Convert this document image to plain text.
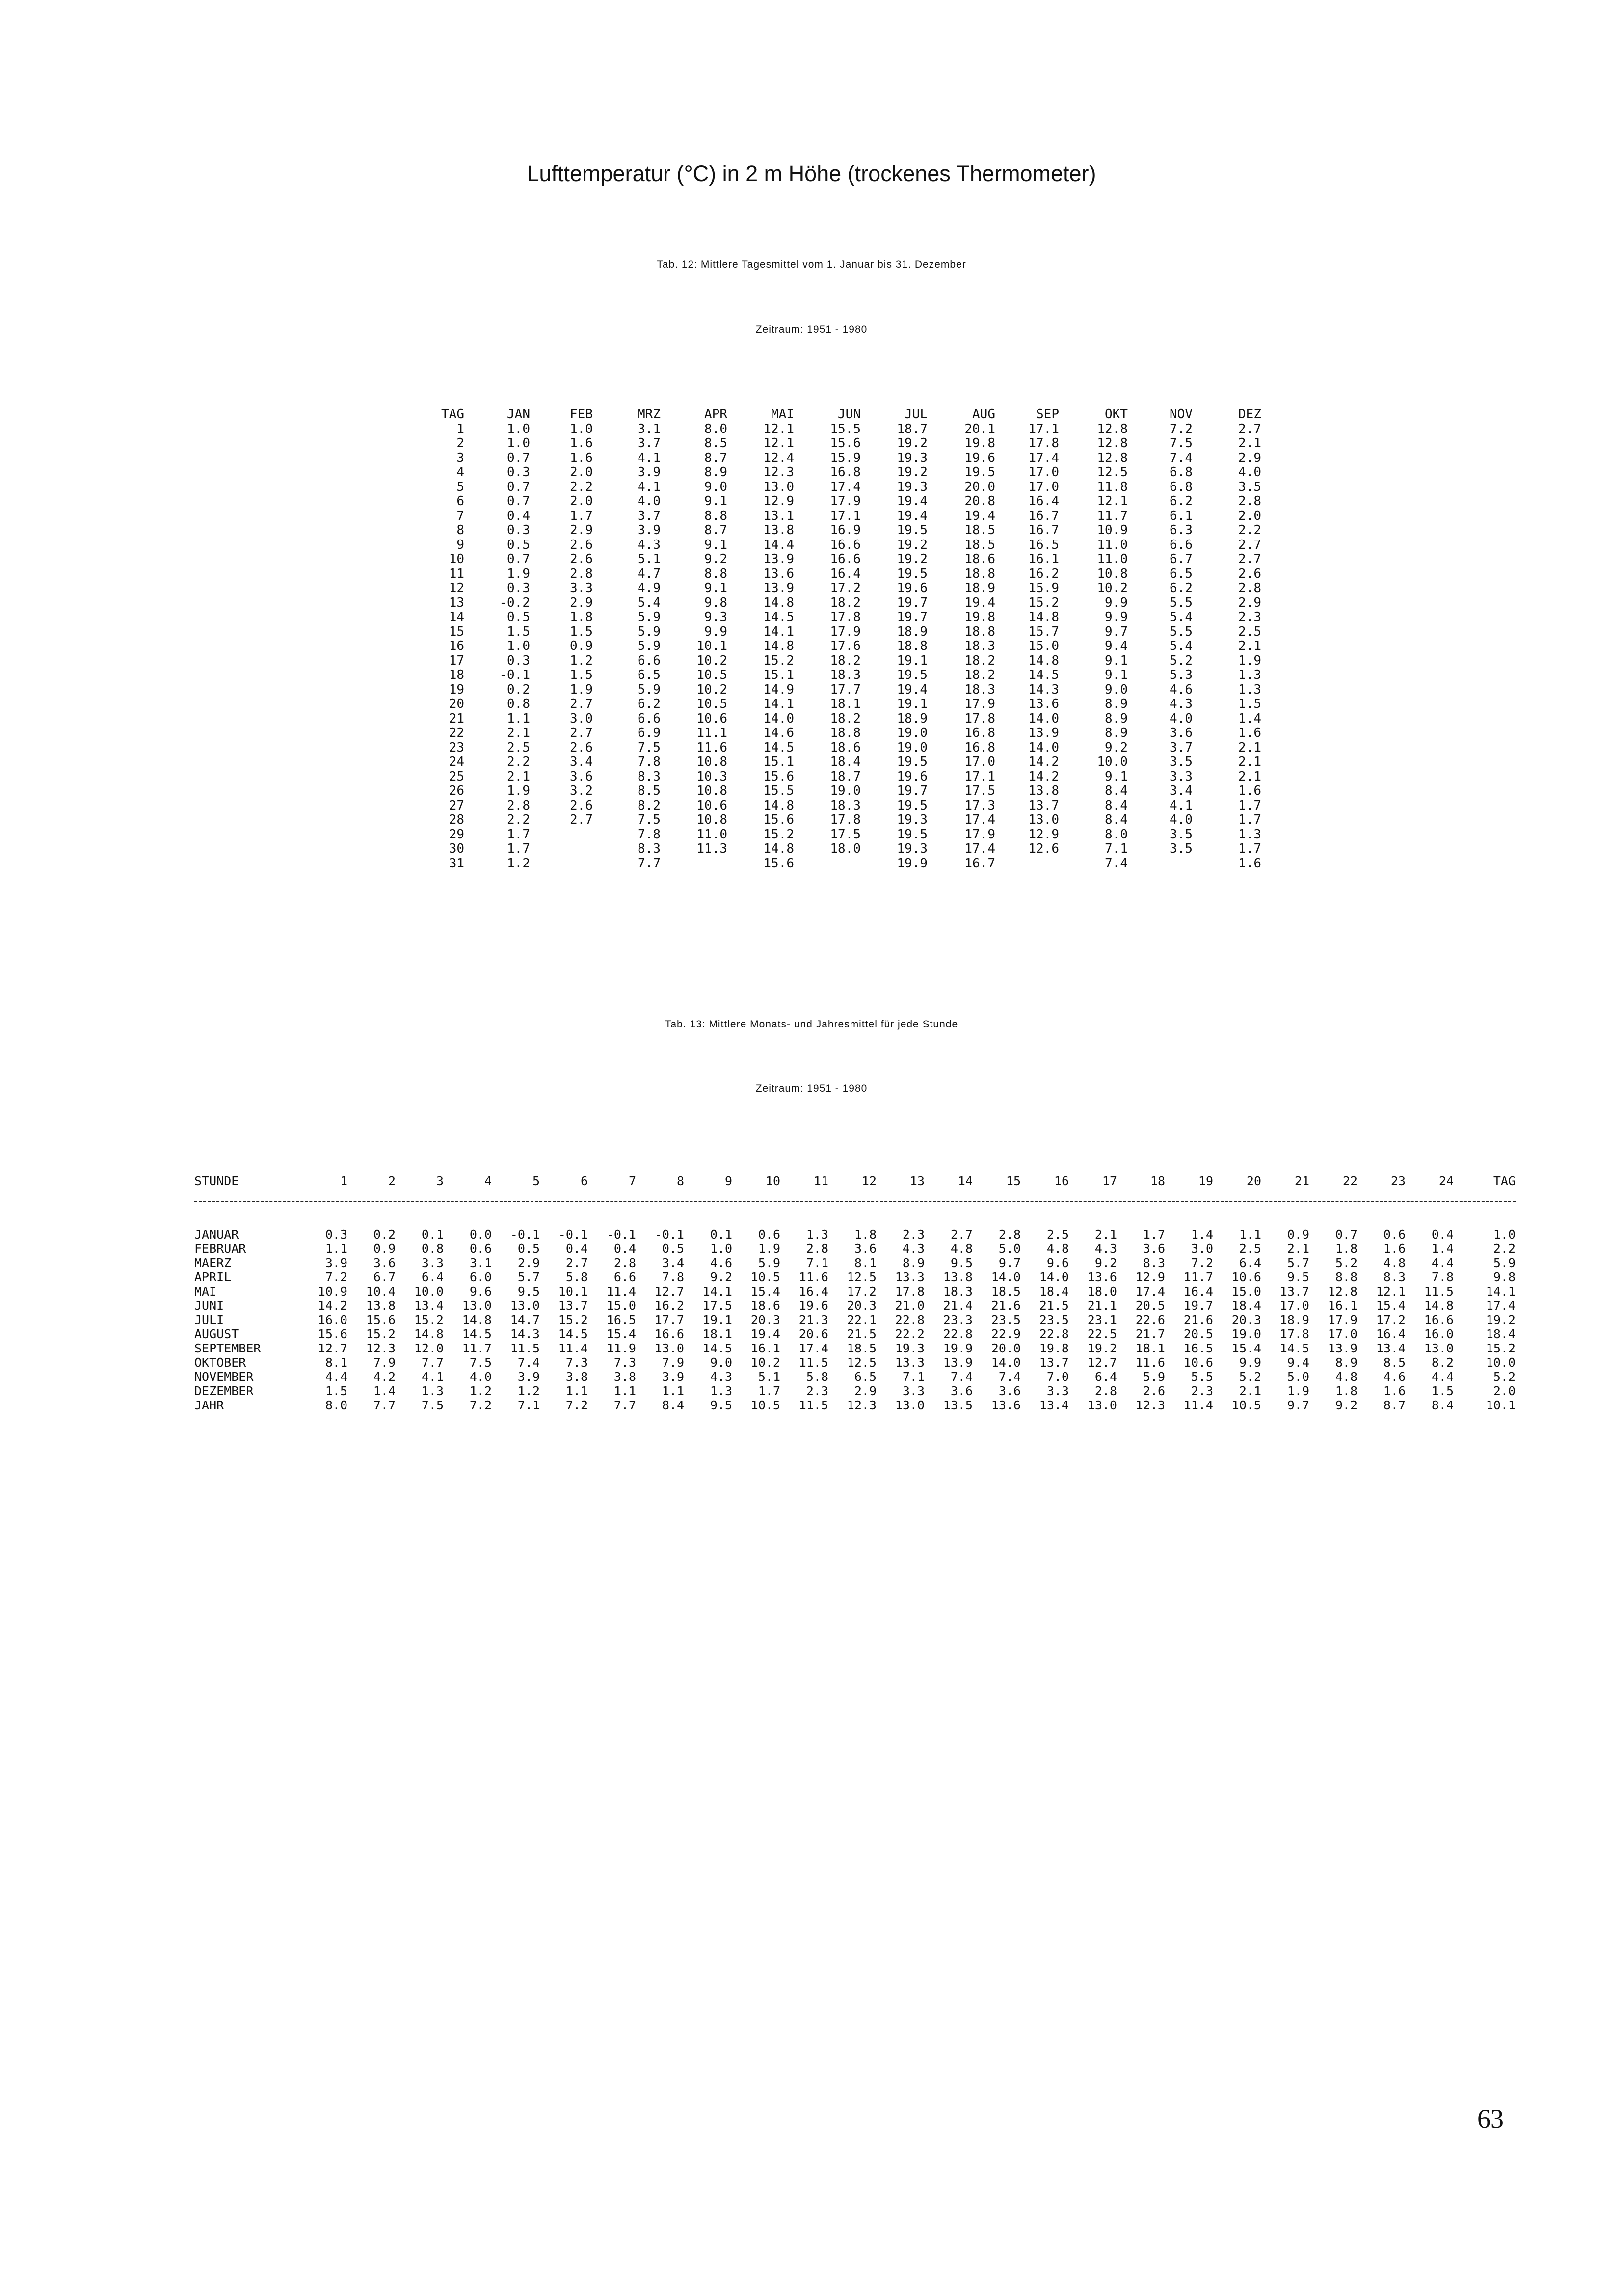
Lufttemperatur (°C) in 2 m Höhe (trockenes Thermometer)

Tab. 12: Mittlere Tagesmittel vom 1. Januar bis 31. Dezember

Zeitraum: 1951 - 1980

TAG	JAN	FEB	MRZ	APR	MAI	JUN	JUL	AUG	SEP	OKT	NOV	DEZ
1	1.0	1.0	3.1	8.0	12.1	15.5	18.7	20.1	17.1	12.8	7.2	2.7
2	1.0	1.6	3.7	8.5	12.1	15.6	19.2	19.8	17.8	12.8	7.5	2.1
3	0.7	1.6	4.1	8.7	12.4	15.9	19.3	19.6	17.4	12.8	7.4	2.9
4	0.3	2.0	3.9	8.9	12.3	16.8	19.2	19.5	17.0	12.5	6.8	4.0
5	0.7	2.2	4.1	9.0	13.0	17.4	19.3	20.0	17.0	11.8	6.8	3.5
6	0.7	2.0	4.0	9.1	12.9	17.9	19.4	20.8	16.4	12.1	6.2	2.8
7	0.4	1.7	3.7	8.8	13.1	17.1	19.4	19.4	16.7	11.7	6.1	2.0
8	0.3	2.9	3.9	8.7	13.8	16.9	19.5	18.5	16.7	10.9	6.3	2.2
9	0.5	2.6	4.3	9.1	14.4	16.6	19.2	18.5	16.5	11.0	6.6	2.7
10	0.7	2.6	5.1	9.2	13.9	16.6	19.2	18.6	16.1	11.0	6.7	2.7
11	1.9	2.8	4.7	8.8	13.6	16.4	19.5	18.8	16.2	10.8	6.5	2.6
12	0.3	3.3	4.9	9.1	13.9	17.2	19.6	18.9	15.9	10.2	6.2	2.8
13	-0.2	2.9	5.4	9.8	14.8	18.2	19.7	19.4	15.2	9.9	5.5	2.9
14	0.5	1.8	5.9	9.3	14.5	17.8	19.7	19.8	14.8	9.9	5.4	2.3
15	1.5	1.5	5.9	9.9	14.1	17.9	18.9	18.8	15.7	9.7	5.5	2.5
16	1.0	0.9	5.9	10.1	14.8	17.6	18.8	18.3	15.0	9.4	5.4	2.1
17	0.3	1.2	6.6	10.2	15.2	18.2	19.1	18.2	14.8	9.1	5.2	1.9
18	-0.1	1.5	6.5	10.5	15.1	18.3	19.5	18.2	14.5	9.1	5.3	1.3
19	0.2	1.9	5.9	10.2	14.9	17.7	19.4	18.3	14.3	9.0	4.6	1.3
20	0.8	2.7	6.2	10.5	14.1	18.1	19.1	17.9	13.6	8.9	4.3	1.5
21	1.1	3.0	6.6	10.6	14.0	18.2	18.9	17.8	14.0	8.9	4.0	1.4
22	2.1	2.7	6.9	11.1	14.6	18.8	19.0	16.8	13.9	8.9	3.6	1.6
23	2.5	2.6	7.5	11.6	14.5	18.6	19.0	16.8	14.0	9.2	3.7	2.1
24	2.2	3.4	7.8	10.8	15.1	18.4	19.5	17.0	14.2	10.0	3.5	2.1
25	2.1	3.6	8.3	10.3	15.6	18.7	19.6	17.1	14.2	9.1	3.3	2.1
26	1.9	3.2	8.5	10.8	15.5	19.0	19.7	17.5	13.8	8.4	3.4	1.6
27	2.8	2.6	8.2	10.6	14.8	18.3	19.5	17.3	13.7	8.4	4.1	1.7
28	2.2	2.7	7.5	10.8	15.6	17.8	19.3	17.4	13.0	8.4	4.0	1.7
29	1.7		7.8	11.0	15.2	17.5	19.5	17.9	12.9	8.0	3.5	1.3
30	1.7		8.3	11.3	14.8	18.0	19.3	17.4	12.6	7.1	3.5	1.7
31	1.2		7.7		15.6		19.9	16.7		7.4		1.6

Tab. 13: Mittlere Monats- und Jahresmittel für jede Stunde

Zeitraum: 1951 - 1980

STUNDE	1	2	3	4	5	6	7	8	9	10	11	12	13	14	15	16	17	18	19	20	21	22	23	24	TAG

JANUAR	0.3	0.2	0.1	0.0	-0.1	-0.1	-0.1	-0.1	0.1	0.6	1.3	1.8	2.3	2.7	2.8	2.5	2.1	1.7	1.4	1.1	0.9	0.7	0.6	0.4	1.0
FEBRUAR	1.1	0.9	0.8	0.6	0.5	0.4	0.4	0.5	1.0	1.9	2.8	3.6	4.3	4.8	5.0	4.8	4.3	3.6	3.0	2.5	2.1	1.8	1.6	1.4	2.2
MAERZ	3.9	3.6	3.3	3.1	2.9	2.7	2.8	3.4	4.6	5.9	7.1	8.1	8.9	9.5	9.7	9.6	9.2	8.3	7.2	6.4	5.7	5.2	4.8	4.4	5.9
APRIL	7.2	6.7	6.4	6.0	5.7	5.8	6.6	7.8	9.2	10.5	11.6	12.5	13.3	13.8	14.0	14.0	13.6	12.9	11.7	10.6	9.5	8.8	8.3	7.8	9.8
MAI	10.9	10.4	10.0	9.6	9.5	10.1	11.4	12.7	14.1	15.4	16.4	17.2	17.8	18.3	18.5	18.4	18.0	17.4	16.4	15.0	13.7	12.8	12.1	11.5	14.1
JUNI	14.2	13.8	13.4	13.0	13.0	13.7	15.0	16.2	17.5	18.6	19.6	20.3	21.0	21.4	21.6	21.5	21.1	20.5	19.7	18.4	17.0	16.1	15.4	14.8	17.4
JULI	16.0	15.6	15.2	14.8	14.7	15.2	16.5	17.7	19.1	20.3	21.3	22.1	22.8	23.3	23.5	23.5	23.1	22.6	21.6	20.3	18.9	17.9	17.2	16.6	19.2
AUGUST	15.6	15.2	14.8	14.5	14.3	14.5	15.4	16.6	18.1	19.4	20.6	21.5	22.2	22.8	22.9	22.8	22.5	21.7	20.5	19.0	17.8	17.0	16.4	16.0	18.4
SEPTEMBER	12.7	12.3	12.0	11.7	11.5	11.4	11.9	13.0	14.5	16.1	17.4	18.5	19.3	19.9	20.0	19.8	19.2	18.1	16.5	15.4	14.5	13.9	13.4	13.0	15.2
OKTOBER	8.1	7.9	7.7	7.5	7.4	7.3	7.3	7.9	9.0	10.2	11.5	12.5	13.3	13.9	14.0	13.7	12.7	11.6	10.6	9.9	9.4	8.9	8.5	8.2	10.0
NOVEMBER	4.4	4.2	4.1	4.0	3.9	3.8	3.8	3.9	4.3	5.1	5.8	6.5	7.1	7.4	7.4	7.0	6.4	5.9	5.5	5.2	5.0	4.8	4.6	4.4	5.2
DEZEMBER	1.5	1.4	1.3	1.2	1.2	1.1	1.1	1.1	1.3	1.7	2.3	2.9	3.3	3.6	3.6	3.3	2.8	2.6	2.3	2.1	1.9	1.8	1.6	1.5	2.0
JAHR	8.0	7.7	7.5	7.2	7.1	7.2	7.7	8.4	9.5	10.5	11.5	12.3	13.0	13.5	13.6	13.4	13.0	12.3	11.4	10.5	9.7	9.2	8.7	8.4	10.1
63
